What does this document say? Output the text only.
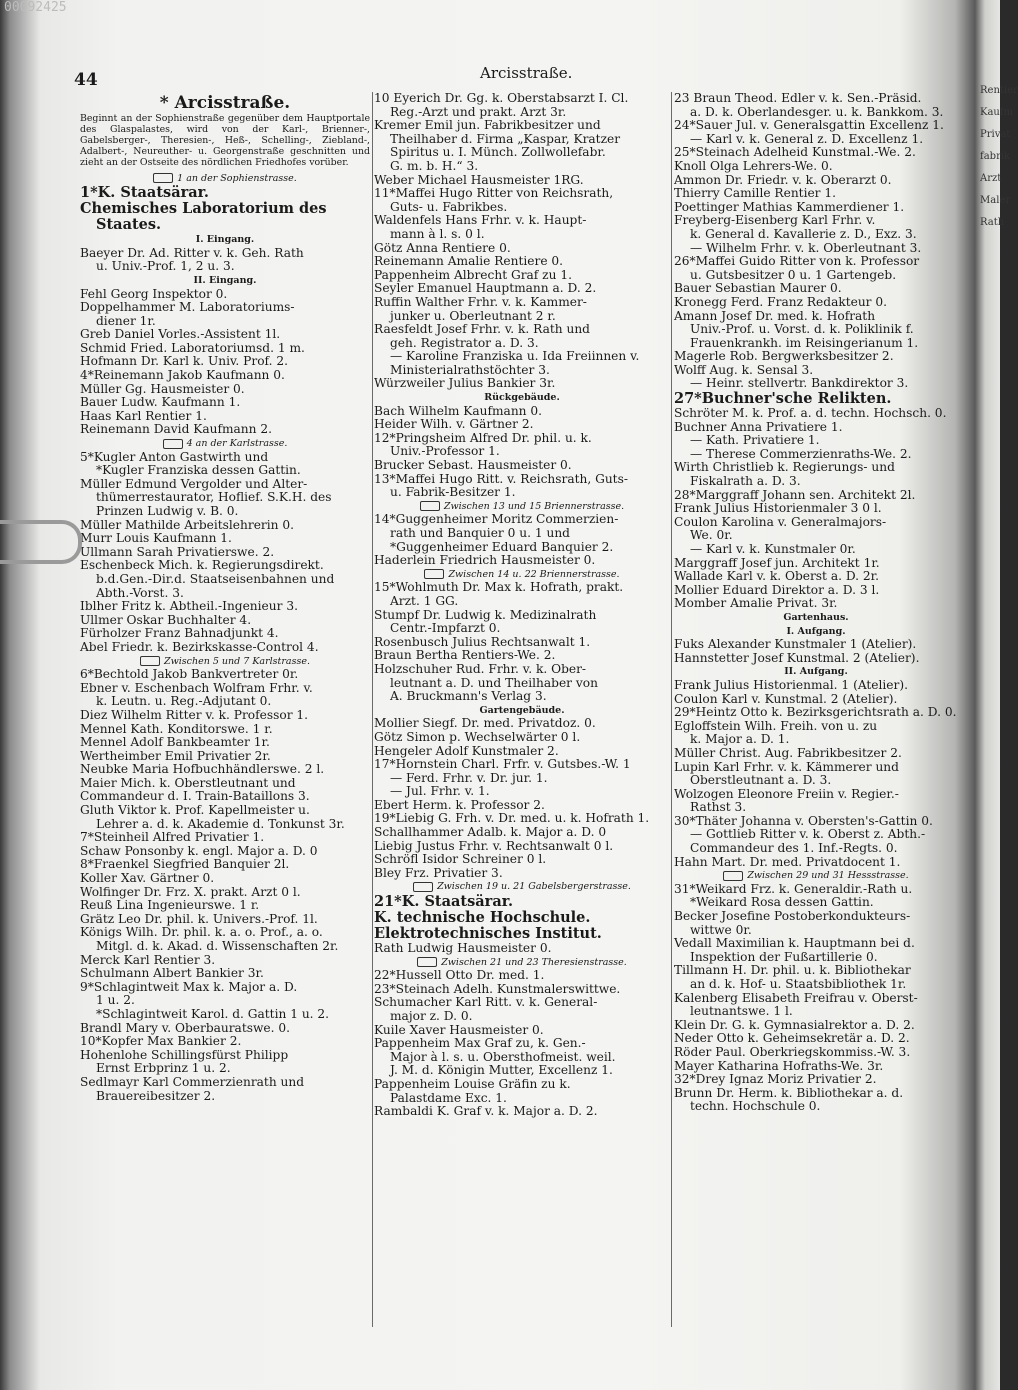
00092425
44	Arcisstraße.
* Arcisstraße.
Beginnt an der Sophienstraße gegenüber dem Hauptportale des Glaspalastes, wird von der Karl-, Brienner-, Gabelsberger-, Theresien-, Heß-, Schelling-, Ziebland-, Adalbert-, Neureuther- u. Georgenstraße geschnitten und zieht an der Ostseite des nördlichen Friedhofes vorüber.
1 an der Sophienstrasse.
1*K. Staatsärar.
Chemisches Laboratorium des
Staates.
I. Eingang.
Baeyer Dr. Ad. Ritter v. k. Geh. Rath
u. Univ.-Prof. 1, 2 u. 3.
II. Eingang.
Fehl Georg Inspektor 0.
Doppelhammer M. Laboratoriums-
diener 1r.
Greb Daniel Vorles.-Assistent 1l.
Schmid Fried. Laboratoriumsd. 1 m.
Hofmann Dr. Karl k. Univ. Prof. 2.
4*Reinemann Jakob Kaufmann 0.
Müller Gg. Hausmeister 0.
Bauer Ludw. Kaufmann 1.
Haas Karl Rentier 1.
Reinemann David Kaufmann 2.
4 an der Karlstrasse.
5*Kugler Anton Gastwirth und
*Kugler Franziska dessen Gattin.
Müller Edmund Vergolder und Alter-
thümerrestaurator, Hoflief. S.K.H. des
Prinzen Ludwig v. B. 0.
Müller Mathilde Arbeitslehrerin 0.
Murr Louis Kaufmann 1.
Ullmann Sarah Privatierswe. 2.
Eschenbeck Mich. k. Regierungsdirekt.
b.d.Gen.-Dir.d. Staatseisenbahnen und
Abth.-Vorst. 3.
Iblher Fritz k. Abtheil.-Ingenieur 3.
Ullmer Oskar Buchhalter 4.
Fürholzer Franz Bahnadjunkt 4.
Abel Friedr. k. Bezirkskasse-Control 4.
Zwischen 5 und 7 Karlstrasse.
6*Bechtold Jakob Bankvertreter 0r.
Ebner v. Eschenbach Wolfram Frhr. v.
k. Leutn. u. Reg.-Adjutant 0.
Diez Wilhelm Ritter v. k. Professor 1.
Mennel Kath. Konditorswe. 1 r.
Mennel Adolf Bankbeamter 1r.
Wertheimber Emil Privatier 2r.
Neubke Maria Hofbuchhändlerswe. 2 l.
Maier Mich. k. Oberstleutnant und
Commandeur d. I. Train-Bataillons 3.
Gluth Viktor k. Prof. Kapellmeister u.
Lehrer a. d. k. Akademie d. Tonkunst 3r.
7*Steinheil Alfred Privatier 1.
Schaw Ponsonby k. engl. Major a. D. 0
8*Fraenkel Siegfried Banquier 2l.
Koller Xav. Gärtner 0.
Wolfinger Dr. Frz. X. prakt. Arzt 0 l.
Reuß Lina Ingenieurswe. 1 r.
Grätz Leo Dr. phil. k. Univers.-Prof. 1l.
Königs Wilh. Dr. phil. k. a. o. Prof., a. o.
Mitgl. d. k. Akad. d. Wissenschaften 2r.
Merck Karl Rentier 3.
Schulmann Albert Bankier 3r.
9*Schlagintweit Max k. Major a. D.
1 u. 2.
*Schlagintweit Karol. d. Gattin 1 u. 2.
Brandl Mary v. Oberbauratswe. 0.
10*Kopfer Max Bankier 2.
Hohenlohe Schillingsfürst Philipp
Ernst Erbprinz 1 u. 2.
Sedlmayr Karl Commerzienrath und
Brauereibesitzer 2.
10 Eyerich Dr. Gg. k. Oberstabsarzt I. Cl.
Reg.-Arzt und prakt. Arzt 3r.
Kremer Emil jun. Fabrikbesitzer und
Theilhaber d. Firma „Kaspar, Kratzer
Spiritus u. I. Münch. Zollwollefabr.
G. m. b. H.“ 3.
Weber Michael Hausmeister 1RG.
11*Maffei Hugo Ritter von Reichsrath,
Guts- u. Fabrikbes.
Waldenfels Hans Frhr. v. k. Haupt-
mann à l. s. 0 l.
Götz Anna Rentiere 0.
Reinemann Amalie Rentiere 0.
Pappenheim Albrecht Graf zu 1.
Seyler Emanuel Hauptmann a. D. 2.
Ruffin Walther Frhr. v. k. Kammer-
junker u. Oberleutnant 2 r.
Raesfeldt Josef Frhr. v. k. Rath und
geh. Registrator a. D. 3.
— Karoline Franziska u. Ida Freiinnen v.
Ministerialrathstöchter 3.
Würzweiler Julius Bankier 3r.
Rückgebäude.
Bach Wilhelm Kaufmann 0.
Heider Wilh. v. Gärtner 2.
12*Pringsheim Alfred Dr. phil. u. k.
Univ.-Professor 1.
Brucker Sebast. Hausmeister 0.
13*Maffei Hugo Ritt. v. Reichsrath, Guts-
u. Fabrik-Besitzer 1.
Zwischen 13 und 15 Briennerstrasse.
14*Guggenheimer Moritz Commerzien-
rath und Banquier 0 u. 1 und
*Guggenheimer Eduard Banquier 2.
Haderlein Friedrich Hausmeister 0.
Zwischen 14 u. 22 Briennerstrasse.
15*Wohlmuth Dr. Max k. Hofrath, prakt.
Arzt. 1 GG.
Stumpf Dr. Ludwig k. Medizinalrath
Centr.-Impfarzt 0.
Rosenbusch Julius Rechtsanwalt 1.
Braun Bertha Rentiers-We. 2.
Holzschuher Rud. Frhr. v. k. Ober-
leutnant a. D. und Theilhaber von
A. Bruckmann's Verlag 3.
Gartengebäude.
Mollier Siegf. Dr. med. Privatdoz. 0.
Götz Simon p. Wechselwärter 0 l.
Hengeler Adolf Kunstmaler 2.
17*Hornstein Charl. Frfr. v. Gutsbes.-W. 1
— Ferd. Frhr. v. Dr. jur. 1.
— Jul. Frhr. v. 1.
Ebert Herm. k. Professor 2.
19*Liebig G. Frh. v. Dr. med. u. k. Hofrath 1.
Schallhammer Adalb. k. Major a. D. 0
Liebig Justus Frhr. v. Rechtsanwalt 0 l.
Schröfl Isidor Schreiner 0 l.
Bley Frz. Privatier 3.
Zwischen 19 u. 21 Gabelsbergerstrasse.
21*K. Staatsärar.
K. technische Hochschule.
Elektrotechnisches Institut.
Rath Ludwig Hausmeister 0.
Zwischen 21 und 23 Theresienstrasse.
22*Hussell Otto Dr. med. 1.
23*Steinach Adelh. Kunstmalerswittwe.
Schumacher Karl Ritt. v. k. General-
major z. D. 0.
Kuile Xaver Hausmeister 0.
Pappenheim Max Graf zu, k. Gen.-
Major à l. s. u. Obersthofmeist. weil.
J. M. d. Königin Mutter, Excellenz 1.
Pappenheim Louise Gräfin zu k.
Palastdame Exc. 1.
Rambaldi K. Graf v. k. Major a. D. 2.
23 Braun Theod. Edler v. k. Sen.-Präsid.
a. D. k. Oberlandesger. u. k. Bankkom. 3.
24*Sauer Jul. v. Generalsgattin Excellenz 1.
— Karl v. k. General z. D. Excellenz 1.
25*Steinach Adelheid Kunstmal.-We. 2.
Knoll Olga Lehrers-We. 0.
Ammon Dr. Friedr. v. k. Oberarzt 0.
Thierry Camille Rentier 1.
Poettinger Mathias Kammerdiener 1.
Freyberg-Eisenberg Karl Frhr. v.
k. General d. Kavallerie z. D., Exz. 3.
— Wilhelm Frhr. v. k. Oberleutnant 3.
26*Maffei Guido Ritter von k. Professor
u. Gutsbesitzer 0 u. 1 Gartengeb.
Bauer Sebastian Maurer 0.
Kronegg Ferd. Franz Redakteur 0.
Amann Josef Dr. med. k. Hofrath
Univ.-Prof. u. Vorst. d. k. Poliklinik f.
Frauenkrankh. im Reisingerianum 1.
Magerle Rob. Bergwerksbesitzer 2.
Wolff Aug. k. Sensal 3.
— Heinr. stellvertr. Bankdirektor 3.
27*Buchner'sche Relikten.
Schröter M. k. Prof. a. d. techn. Hochsch. 0.
Buchner Anna Privatiere 1.
— Kath. Privatiere 1.
— Therese Commerzienraths-We. 2.
Wirth Christlieb k. Regierungs- und
Fiskalrath a. D. 3.
28*Marggraff Johann sen. Architekt 2l.
Frank Julius Historienmaler 3 0 l.
Coulon Karolina v. Generalmajors-
We. 0r.
— Karl v. k. Kunstmaler 0r.
Marggraff Josef jun. Architekt 1r.
Wallade Karl v. k. Oberst a. D. 2r.
Mollier Eduard Direktor a. D. 3 l.
Momber Amalie Privat. 3r.
Gartenhaus.
I. Aufgang.
Fuks Alexander Kunstmaler 1 (Atelier).
Hannstetter Josef Kunstmal. 2 (Atelier).
II. Aufgang.
Frank Julius Historienmal. 1 (Atelier).
Coulon Karl v. Kunstmal. 2 (Atelier).
29*Heintz Otto k. Bezirksgerichtsrath a. D. 0.
Egloffstein Wilh. Freih. von u. zu
k. Major a. D. 1.
Müller Christ. Aug. Fabrikbesitzer 2.
Lupin Karl Frhr. v. k. Kämmerer und
Oberstleutnant a. D. 3.
Wolzogen Eleonore Freiin v. Regier.-
Rathst 3.
30*Thäter Johanna v. Obersten's-Gattin 0.
— Gottlieb Ritter v. k. Oberst z. Abth.-
Commandeur des 1. Inf.-Regts. 0.
Hahn Mart. Dr. med. Privatdocent 1.
Zwischen 29 und 31 Hessstrasse.
31*Weikard Frz. k. Generaldir.-Rath u.
*Weikard Rosa dessen Gattin.
Becker Josefine Postoberkondukteurs-
wittwe 0r.
Vedall Maximilian k. Hauptmann bei d.
Inspektion der Fußartillerie 0.
Tillmann H. Dr. phil. u. k. Bibliothekar
an d. k. Hof- u. Staatsbibliothek 1r.
Kalenberg Elisabeth Freifrau v. Oberst-
leutnantswe. 1 l.
Klein Dr. G. k. Gymnasialrektor a. D. 2.
Neder Otto k. Geheimsekretär a. D. 2.
Röder Paul. Oberkriegskommiss.-W. 3.
Mayer Katharina Hofraths-We. 3r.
32*Drey Ignaz Moriz Privatier 2.
Brunn Dr. Herm. k. Bibliothekar a. d.
techn. Hochschule 0.
Rentier
Kaufm
Privat
fabrik
Arzt
Maler
Rath
